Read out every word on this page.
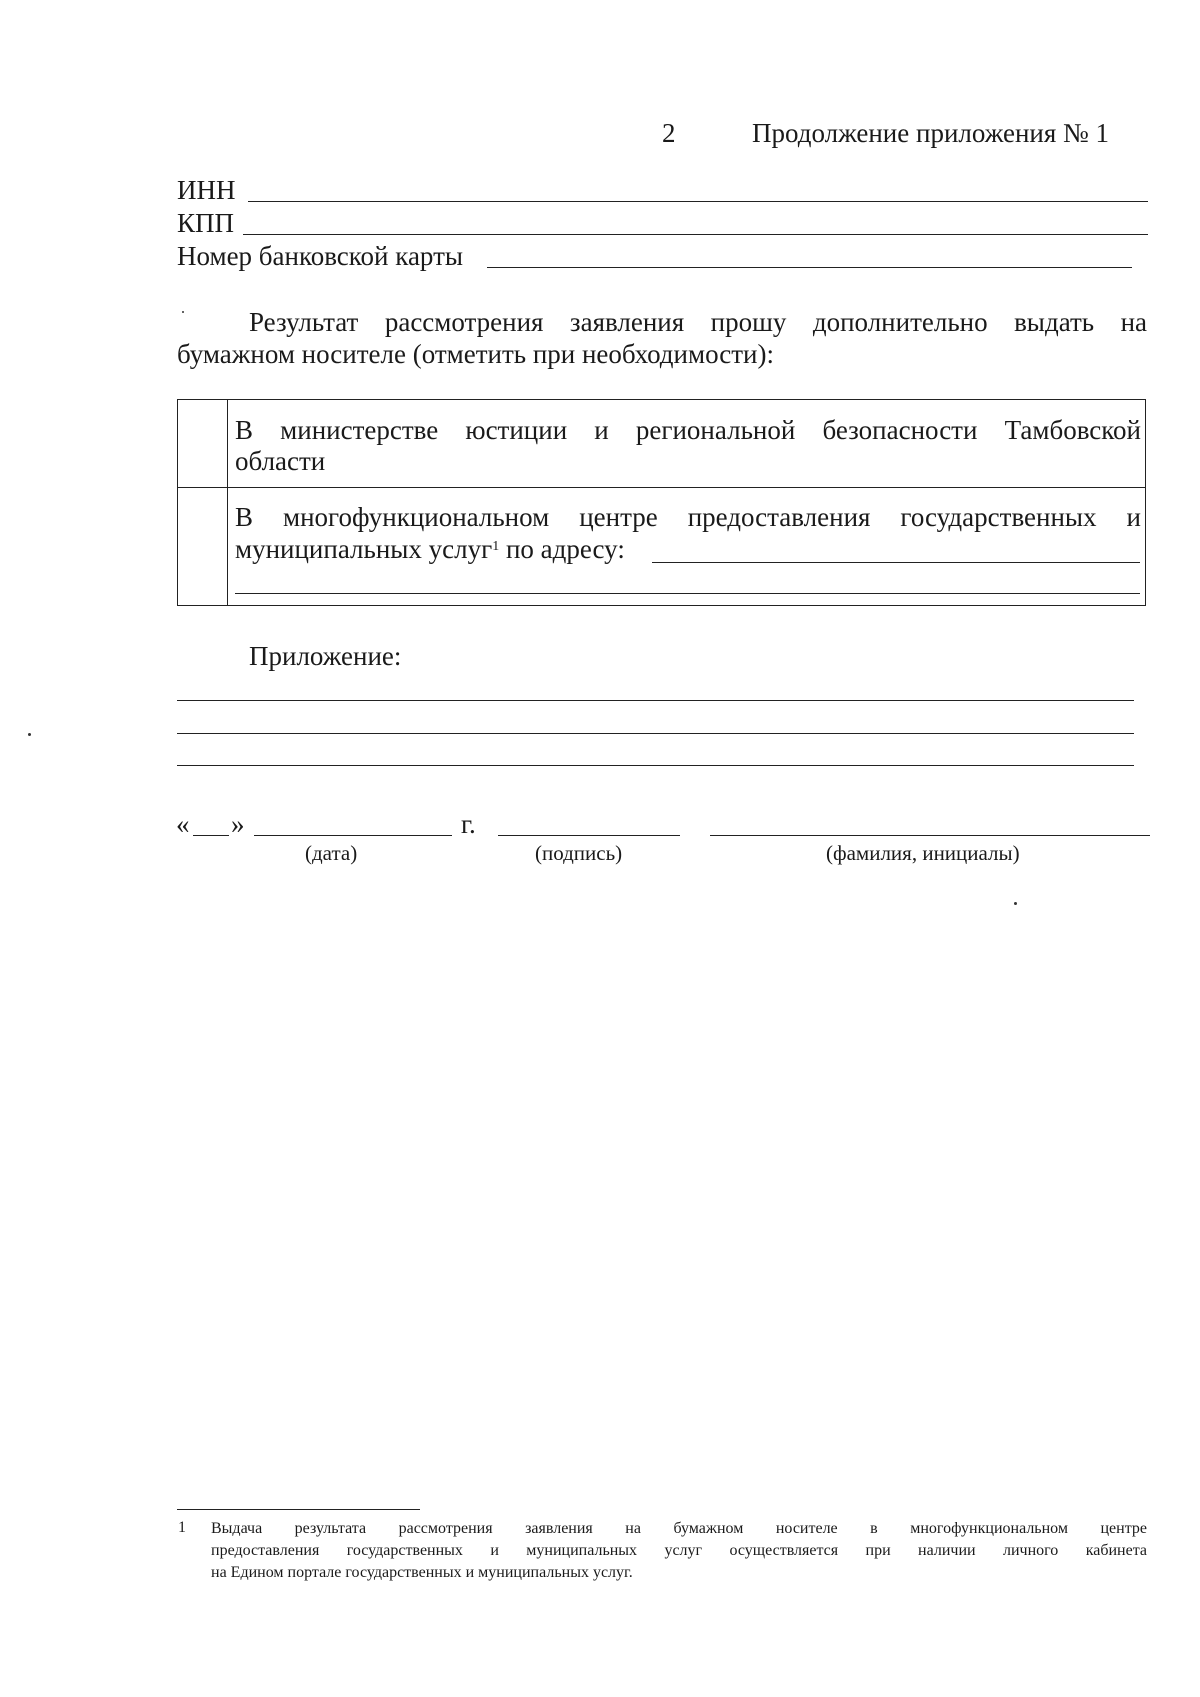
2	Продолжение приложения № 1
ИНН
КПП
Номер банковской карты
Результат рассмотрения заявления прошу дополнительно выдать на
бумажном носителе (отметить при необходимости):
В министерстве юстиции и региональной безопасности Тамбовской
области
В многофункциональном центре предоставления государственных и
муниципальных услуг$^1$ по адресу:
Приложение:
« »	г.
(дата)	(подпись)	(фамилия, инициалы)
1 Выдача результата рассмотрения заявления на бумажном носителе в многофункциональном центре
предоставления государственных и муниципальных услуг осуществляется при наличии личного кабинета
на Едином портале государственных и муниципальных услуг.
